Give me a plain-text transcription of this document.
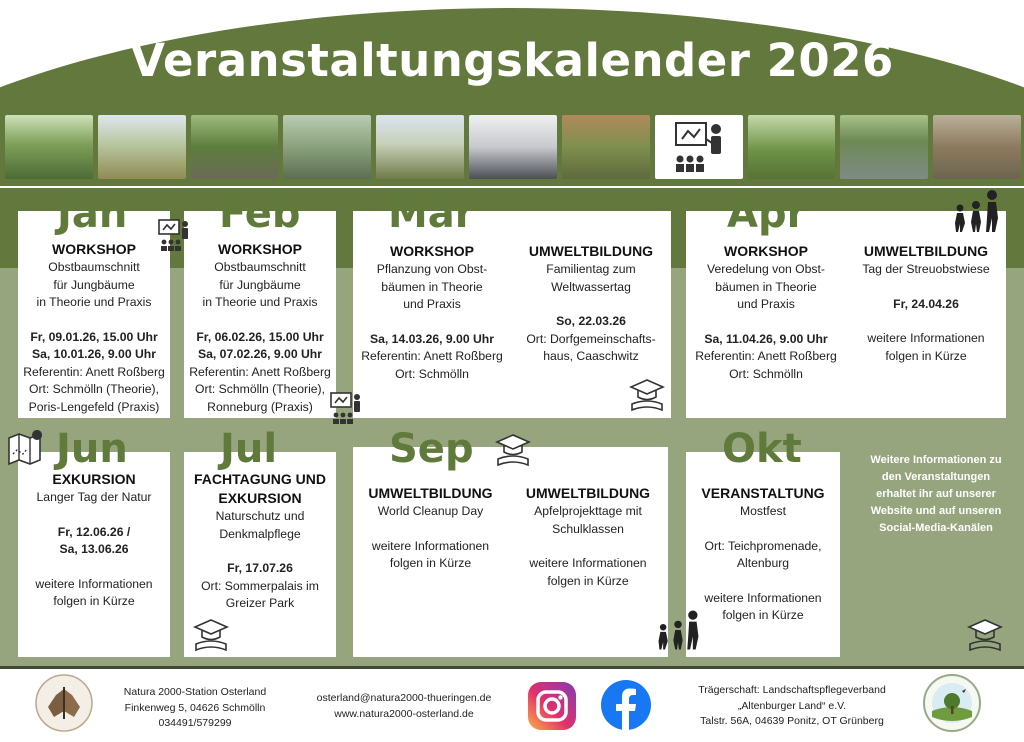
Veranstaltungskalender 2026
Jan Feb Mär	Apr
Jun Jul	Sep	Okt
WORKSHOP
Obstbaumschnitt
für Jungbäume
in Theorie und Praxis
Fr, 09.01.26, 15.00 Uhr
Sa, 10.01.26, 9.00 Uhr
Referentin: Anett Roßberg
Ort: Schmölln (Theorie),
Poris-Lengefeld (Praxis)
WORKSHOP
Obstbaumschnitt
für Jungbäume
in Theorie und Praxis
Fr, 06.02.26, 15.00 Uhr
Sa, 07.02.26, 9.00 Uhr
Referentin: Anett Roßberg
Ort: Schmölln (Theorie),
Ronneburg (Praxis)
WORKSHOP
Pflanzung von Obst-
bäumen in Theorie
und Praxis
Sa, 14.03.26, 9.00 Uhr
Referentin: Anett Roßberg
Ort: Schmölln
UMWELTBILDUNG
Familientag zum
Weltwassertag
So, 22.03.26
Ort: Dorfgemeinschafts-
haus, Caaschwitz
WORKSHOP
Veredelung von Obst-
bäumen in Theorie
und Praxis
Sa, 11.04.26, 9.00 Uhr
Referentin: Anett Roßberg
Ort: Schmölln
UMWELTBILDUNG
Tag der Streuobstwiese
Fr, 24.04.26
weitere Informationen
folgen in Kürze
EXKURSION
Langer Tag der Natur
Fr, 12.06.26 /
Sa, 13.06.26
weitere Informationen
folgen in Kürze
FACHTAGUNG UND
EXKURSION
Naturschutz und
Denkmalpflege
Fr, 17.07.26
Ort: Sommerpalais im
Greizer Park
UMWELTBILDUNG
World Cleanup Day
weitere Informationen
folgen in Kürze
UMWELTBILDUNG
Apfelprojekttage mit
Schulklassen
weitere Informationen
folgen in Kürze
VERANSTALTUNG
Mostfest
Ort: Teichpromenade,
Altenburg
weitere Informationen
folgen in Kürze
Weitere Informationen zu
den Veranstaltungen
erhaltet ihr auf unserer
Website und auf unseren
Social-Media-Kanälen
Natura 2000-Station Osterland
Finkenweg 5, 04626 Schmölln
034491/579299
osterland@natura2000-thueringen.de
www.natura2000-osterland.de
Trägerschaft: Landschaftspflegeverband
„Altenburger Land“ e.V.
Talstr. 56A, 04639 Ponitz, OT Grünberg
